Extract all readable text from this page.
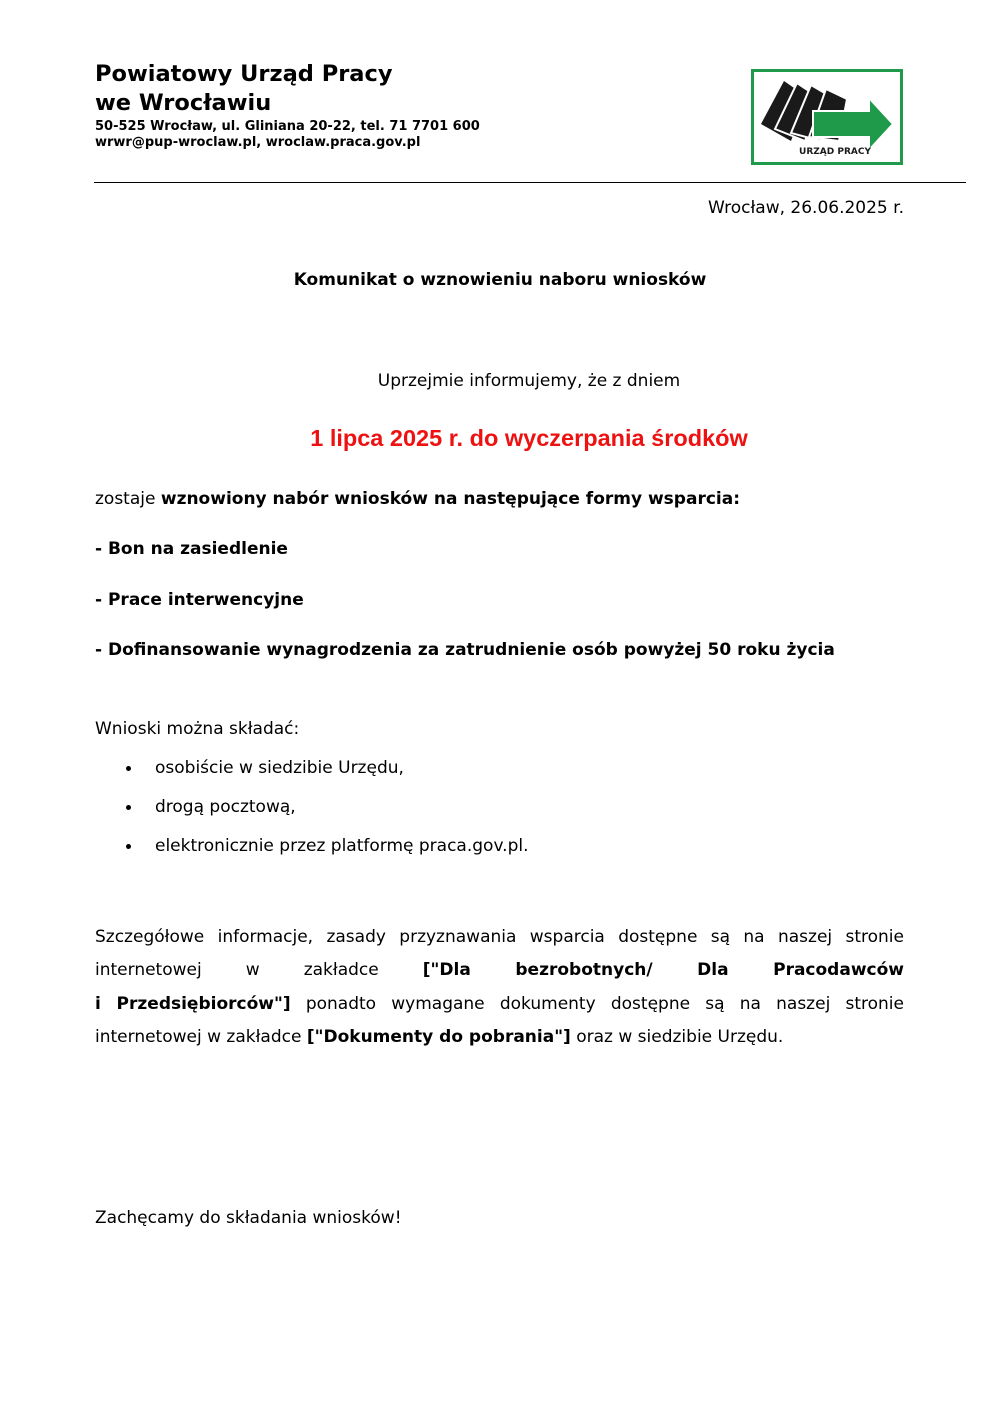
Powiatowy Urząd Pracy
we Wrocławiu
50-525 Wrocław, ul. Gliniana 20-22, tel. 71 7701 600
wrwr@pup-wroclaw.pl, wroclaw.praca.gov.pl
URZĄD PRACY
Wrocław, 26.06.2025 r.
Komunikat o wznowieniu naboru wniosków
Uprzejmie informujemy, że z dniem
1 lipca 2025 r. do wyczerpania środków
zostaje wznowiony nabór wniosków na następujące formy wsparcia:
- Bon na zasiedlenie
- Prace interwencyjne
- Dofinansowanie wynagrodzenia za zatrudnienie osób powyżej 50 roku życia
Wnioski można składać:
osobiście w siedzibie Urzędu,
drogą pocztową,
elektronicznie przez platformę praca.gov.pl.
Szczegółowe informacje, zasady przyznawania wsparcia dostępne są na naszej stronie
internetowej w zakładce ["Dla bezrobotnych/ Dla Pracodawców
i Przedsiębiorców"] ponadto wymagane dokumenty dostępne są na naszej stronie
internetowej w zakładce ["Dokumenty do pobrania"] oraz w siedzibie Urzędu.
Zachęcamy do składania wniosków!
